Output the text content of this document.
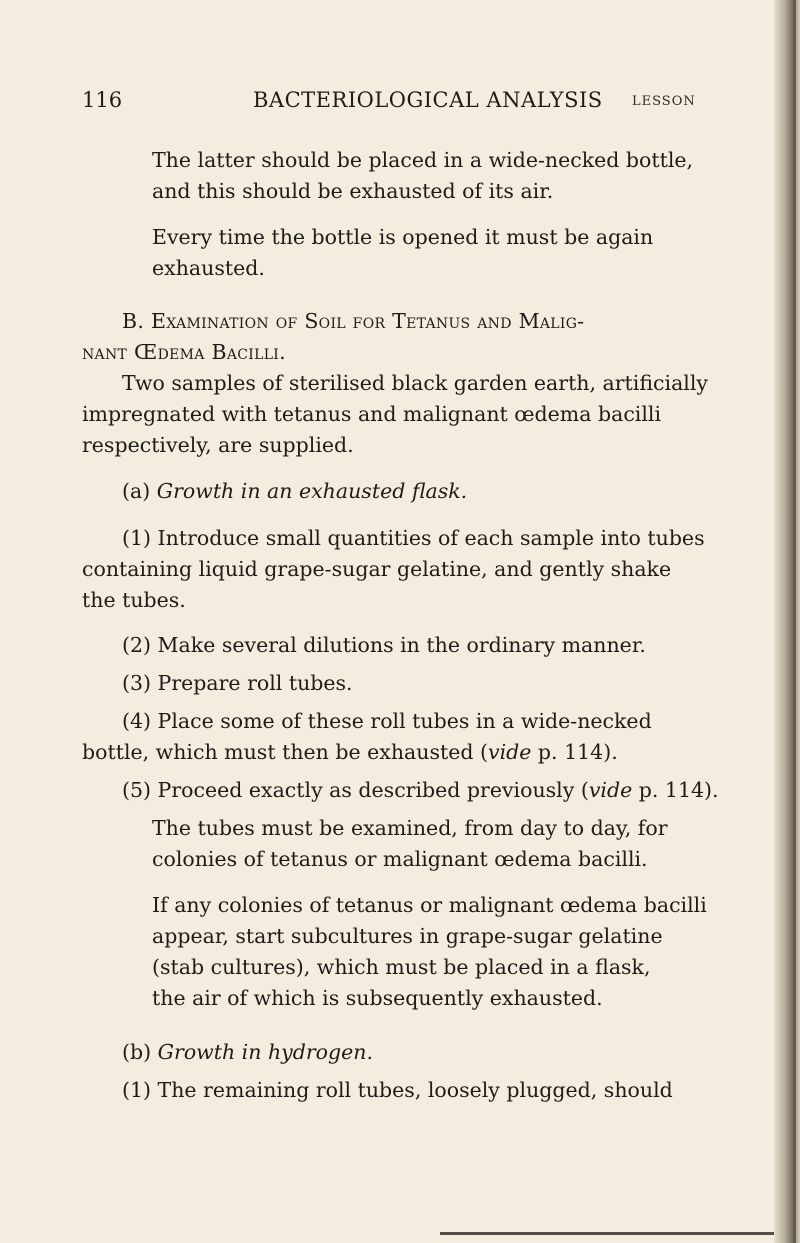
116	BACTERIOLOGICAL ANALYSIS LESSON
The latter should be placed in a wide-necked bottle,
and this should be exhausted of its air.
Every time the bottle is opened it must be again
exhausted.
B. Examination of Soil for Tetanus and Malig-
nant Œdema Bacilli.
Two samples of sterilised black garden earth, artificially
impregnated with tetanus and malignant œdema bacilli
respectively, are supplied.
(a) Growth in an exhausted flask.
(1) Introduce small quantities of each sample into tubes
containing liquid grape-sugar gelatine, and gently shake
the tubes.
(2) Make several dilutions in the ordinary manner.
(3) Prepare roll tubes.
(4) Place some of these roll tubes in a wide-necked
bottle, which must then be exhausted (vide p. 114).
(5) Proceed exactly as described previously (vide p. 114).
The tubes must be examined, from day to day, for
colonies of tetanus or malignant œdema bacilli.
If any colonies of tetanus or malignant œdema bacilli
appear, start subcultures in grape-sugar gelatine
(stab cultures), which must be placed in a flask,
the air of which is subsequently exhausted.
(b) Growth in hydrogen.
(1) The remaining roll tubes, loosely plugged, should
